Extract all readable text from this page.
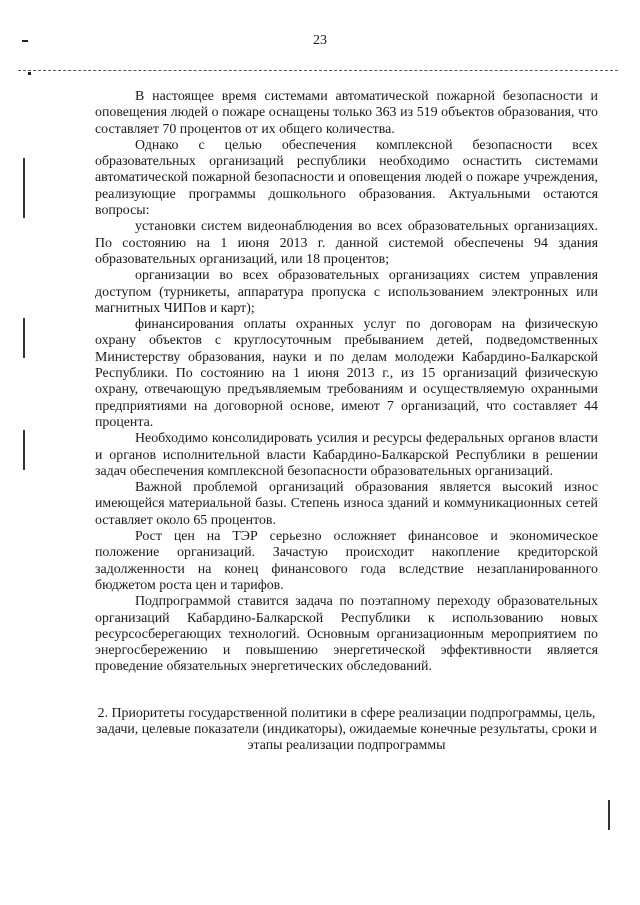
23

В настоящее время системами автоматической пожарной безопасности и оповещения людей о пожаре оснащены только 363 из 519 объектов образования, что составляет 70 процентов от их общего количества.

Однако с целью обеспечения комплексной безопасности всех образовательных организаций республики необходимо оснастить системами автоматической пожарной безопасности и оповещения людей о пожаре учреждения, реализующие программы дошкольного образования. Актуальными остаются вопросы:

установки систем видеонаблюдения во всех образовательных организациях. По состоянию на 1 июня 2013 г. данной системой обеспечены 94 здания образовательных организаций, или 18 процентов;

организации во всех образовательных организациях систем управления доступом (турникеты, аппаратура пропуска с использованием электронных или магнитных ЧИПов и карт);

финансирования оплаты охранных услуг по договорам на физическую охрану объектов с круглосуточным пребыванием детей, подведомственных Министерству образования, науки и по делам молодежи Кабардино-Балкарской Республики. По состоянию на 1 июня 2013 г., из 15 организаций физическую охрану, отвечающую предъявляемым требованиям и осуществляемую охранными предприятиями на договорной основе, имеют 7 организаций, что составляет 44 процента.

Необходимо консолидировать усилия и ресурсы федеральных органов власти и органов исполнительной власти Кабардино-Балкарской Республики в решении задач обеспечения комплексной безопасности образовательных организаций.

Важной проблемой организаций образования является высокий износ имеющейся материальной базы. Степень износа зданий и коммуникационных сетей оставляет около 65 процентов.

Рост цен на ТЭР серьезно осложняет финансовое и экономическое положение организаций. Зачастую происходит накопление кредиторской задолженности на конец финансового года вследствие незапланированного бюджетом роста цен и тарифов.

Подпрограммой ставится задача по поэтапному переходу образовательных организаций Кабардино-Балкарской Республики к использованию новых ресурсосберегающих технологий. Основным организационным мероприятием по энергосбережению и повышению энергетической эффективности является проведение обязательных энергетических обследований.

2. Приоритеты государственной политики в сфере реализации подпрограммы, цель, задачи, целевые показатели (индикаторы), ожидаемые конечные результаты, сроки и этапы реализации подпрограммы
